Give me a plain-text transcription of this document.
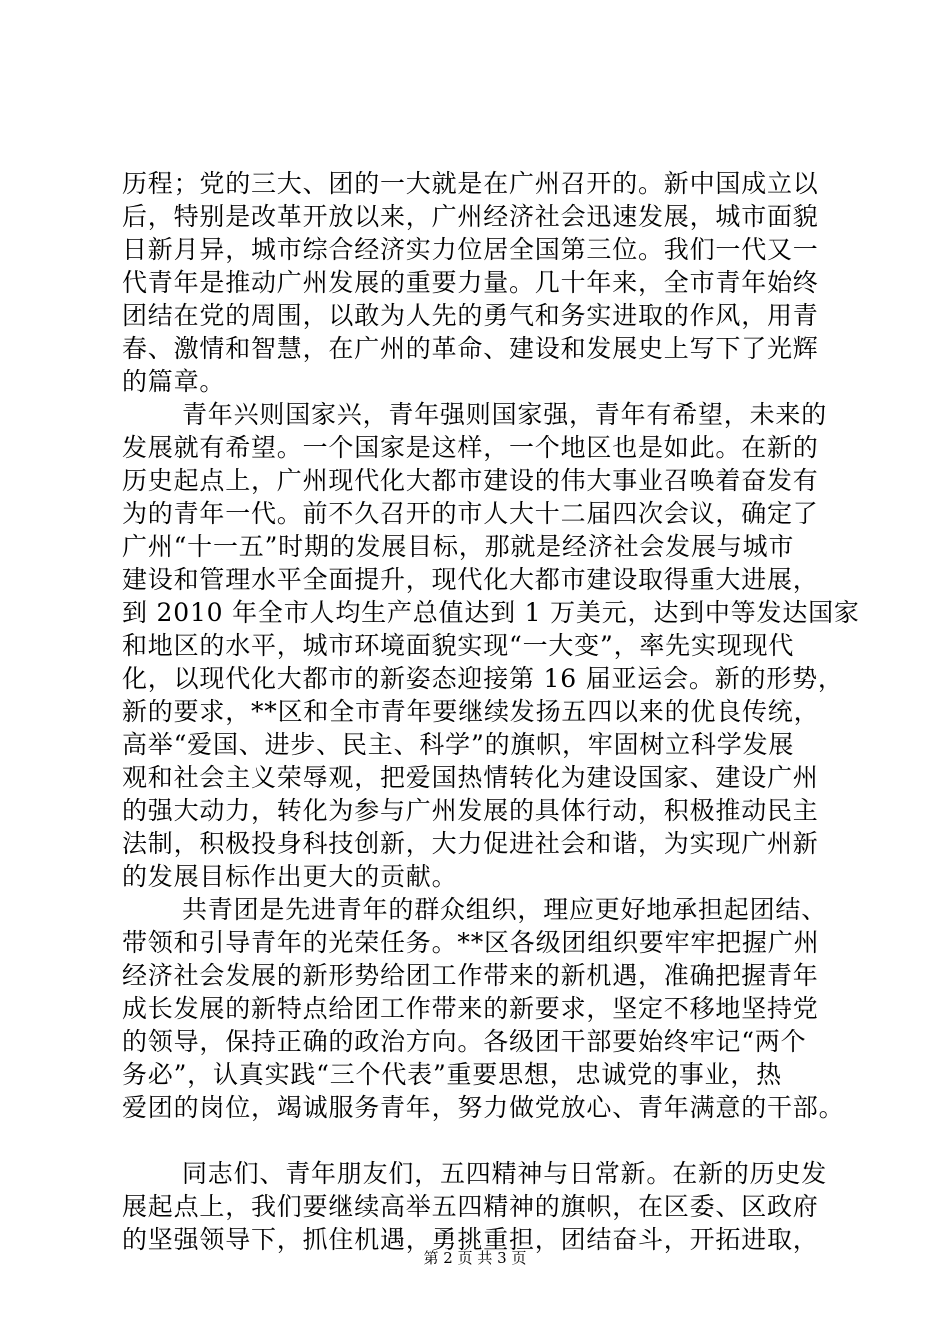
历程；党的三大、团的一大就是在广州召开的。新中国成立以
后，特别是改革开放以来，广州经济社会迅速发展，城市面貌
日新月异，城市综合经济实力位居全国第三位。我们一代又一
代青年是推动广州发展的重要力量。几十年来，全市青年始终
团结在党的周围，以敢为人先的勇气和务实进取的作风，用青
春、激情和智慧，在广州的革命、建设和发展史上写下了光辉
的篇章。
青年兴则国家兴，青年强则国家强，青年有希望，未来的
发展就有希望。一个国家是这样，一个地区也是如此。在新的
历史起点上，广州现代化大都市建设的伟大事业召唤着奋发有
为的青年一代。前不久召开的市人大十二届四次会议，确定了
广州“十一五”时期的发展目标，那就是经济社会发展与城市
建设和管理水平全面提升，现代化大都市建设取得重大进展，
到 2010 年全市人均生产总值达到 1 万美元，达到中等发达国家
和地区的水平，城市环境面貌实现“一大变”，率先实现现代
化，以现代化大都市的新姿态迎接第 16 届亚运会。新的形势，
新的要求，**区和全市青年要继续发扬五四以来的优良传统，
高举“爱国、进步、民主、科学”的旗帜，牢固树立科学发展
观和社会主义荣辱观，把爱国热情转化为建设国家、建设广州
的强大动力，转化为参与广州发展的具体行动，积极推动民主
法制，积极投身科技创新，大力促进社会和谐，为实现广州新
的发展目标作出更大的贡献。
共青团是先进青年的群众组织，理应更好地承担起团结、
带领和引导青年的光荣任务。**区各级团组织要牢牢把握广州
经济社会发展的新形势给团工作带来的新机遇，准确把握青年
成长发展的新特点给团工作带来的新要求，坚定不移地坚持党
的领导，保持正确的政治方向。各级团干部要始终牢记“两个
务必”，认真实践“三个代表”重要思想，忠诚党的事业，热
爱团的岗位，竭诚服务青年，努力做党放心、青年满意的干部。
同志们、青年朋友们，五四精神与日常新。在新的历史发
展起点上，我们要继续高举五四精神的旗帜，在区委、区政府
的坚强领导下，抓住机遇，勇挑重担，团结奋斗，开拓进取，
第 2 页 共 3 页
